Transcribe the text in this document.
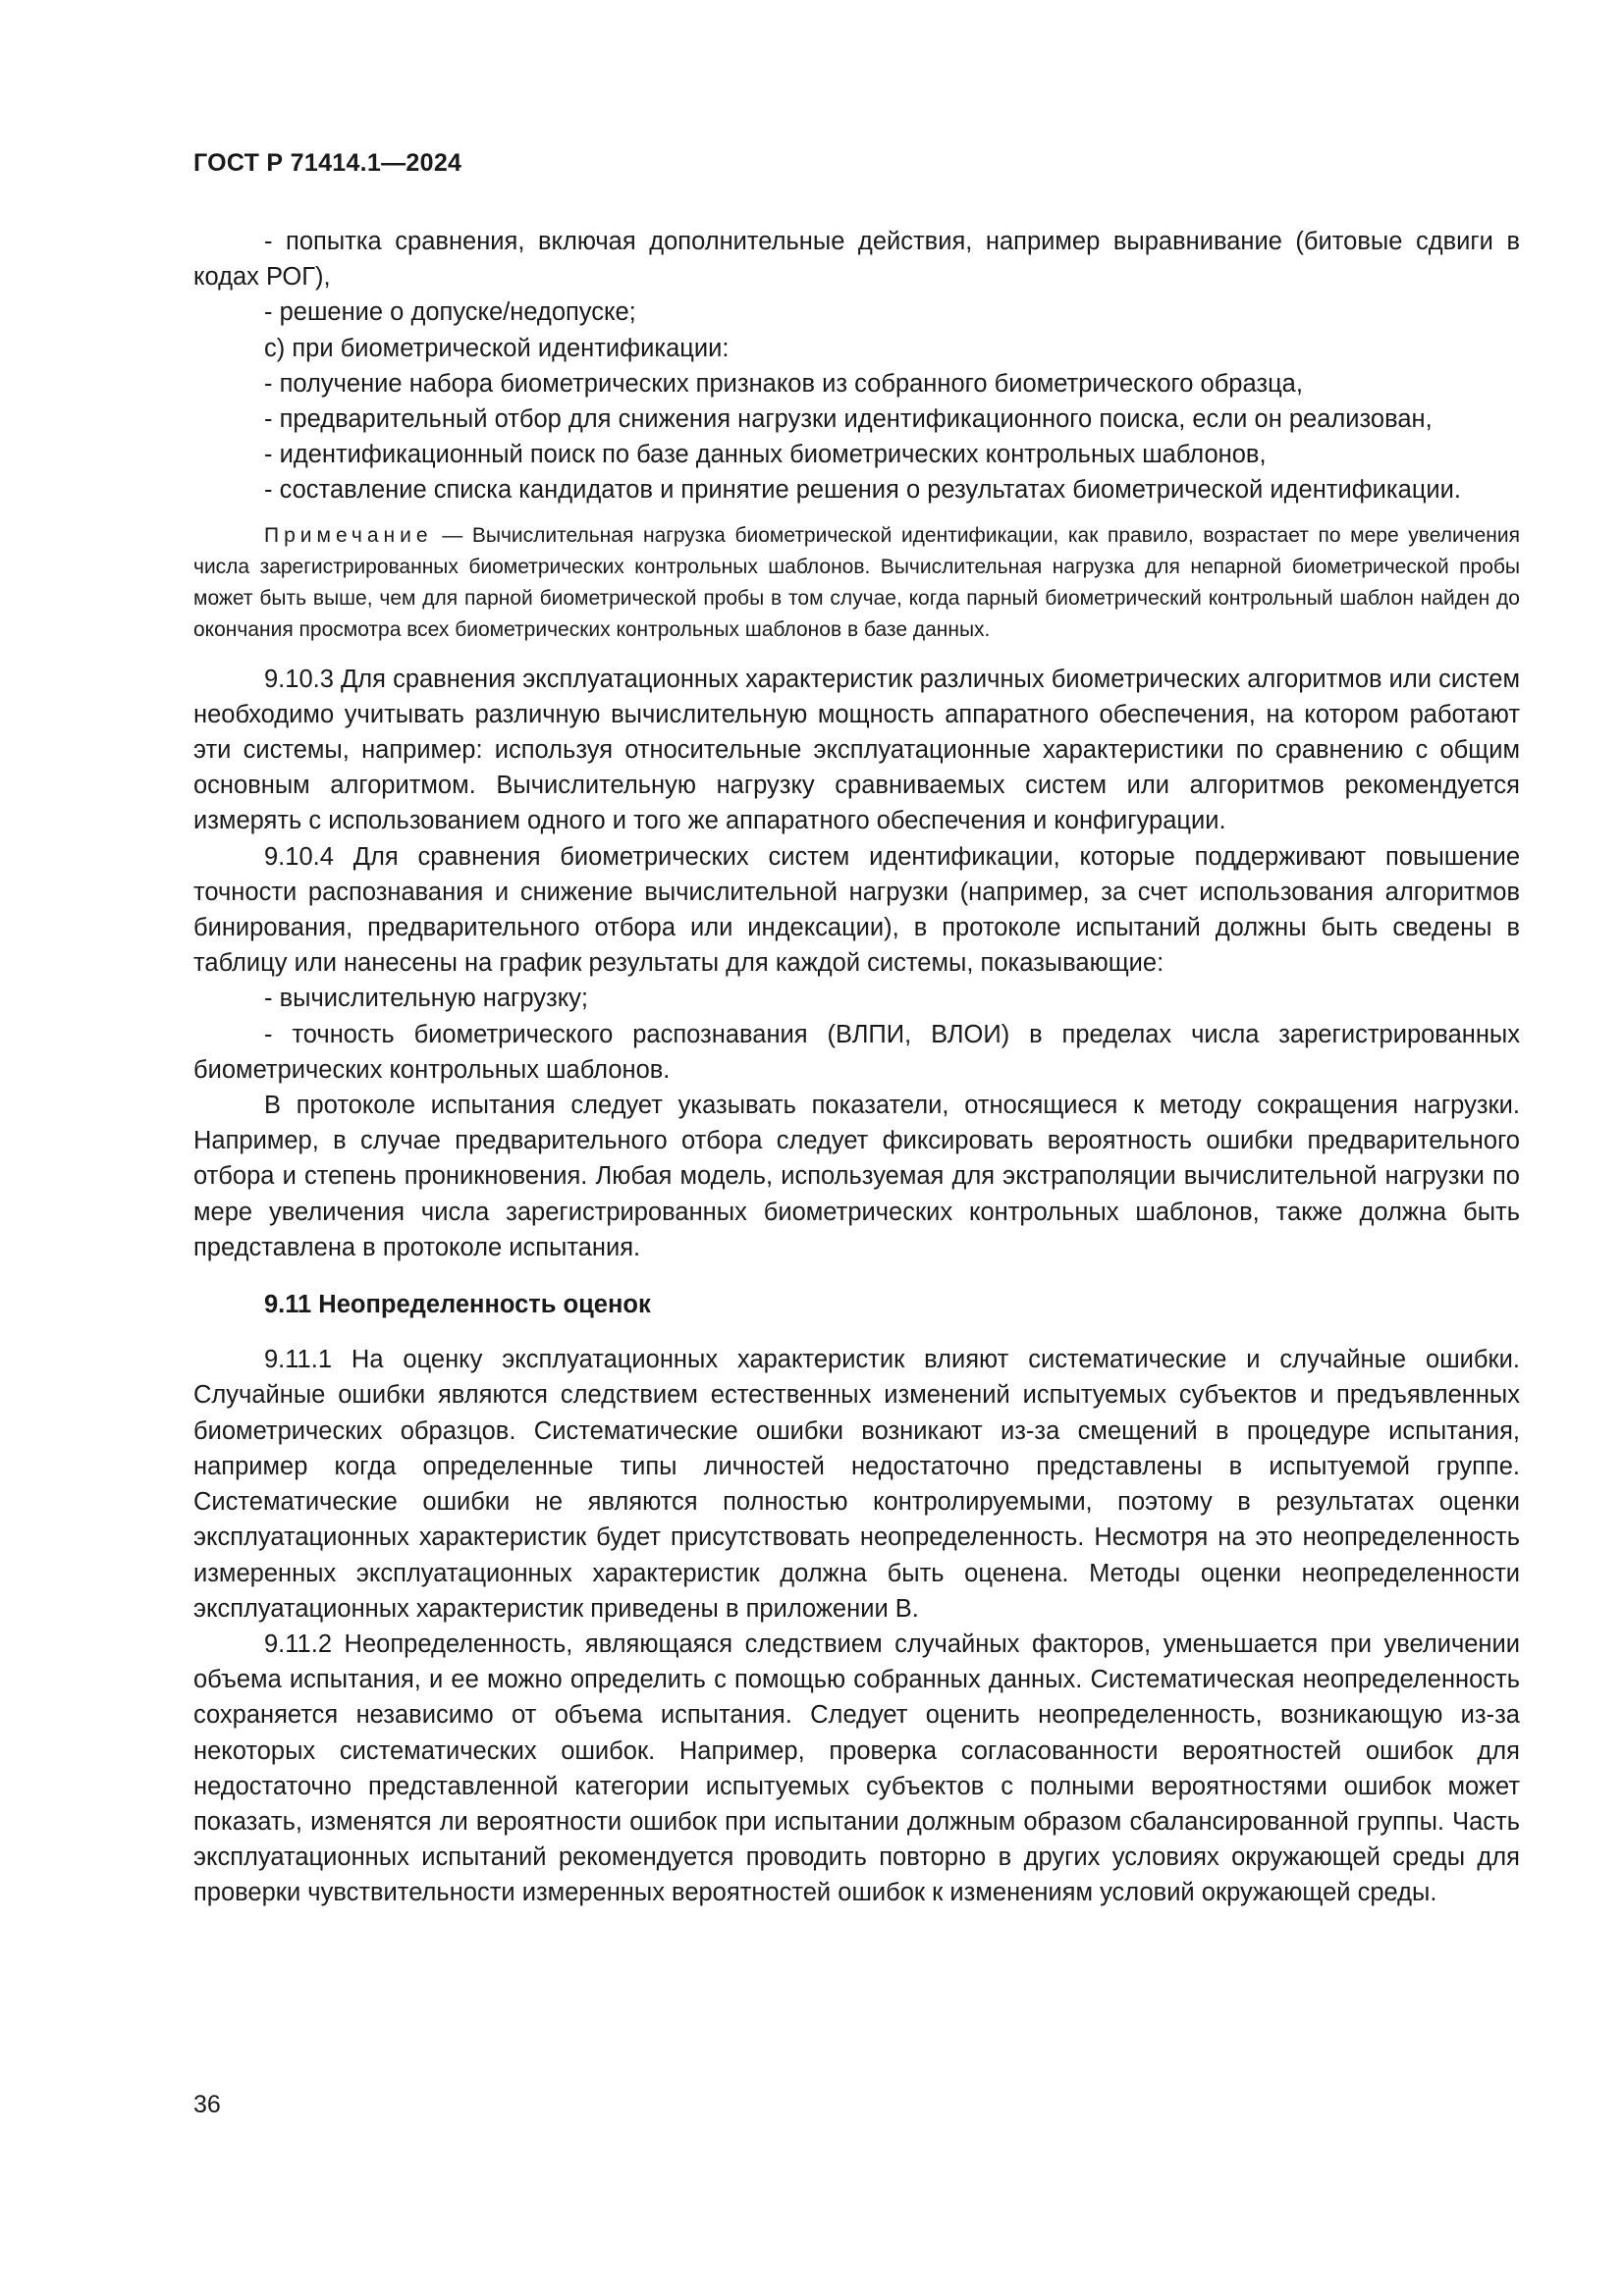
ГОСТ Р 71414.1—2024

- попытка сравнения, включая дополнительные действия, например выравнивание (битовые сдвиги в кодах РОГ),

- решение о допуске/недопуске;

с) при биометрической идентификации:

- получение набора биометрических признаков из собранного биометрического образца,

- предварительный отбор для снижения нагрузки идентификационного поиска, если он реализован,

- идентификационный поиск по базе данных биометрических контрольных шаблонов,

- составление списка кандидатов и принятие решения о результатах биометрической идентификации.

Примечание — Вычислительная нагрузка биометрической идентификации, как правило, возрастает по мере увеличения числа зарегистрированных биометрических контрольных шаблонов. Вычислительная нагрузка для непарной биометрической пробы может быть выше, чем для парной биометрической пробы в том случае, когда парный биометрический контрольный шаблон найден до окончания просмотра всех биометрических контрольных шаблонов в базе данных.

9.10.3 Для сравнения эксплуатационных характеристик различных биометрических алгоритмов или систем необходимо учитывать различную вычислительную мощность аппаратного обеспечения, на котором работают эти системы, например: используя относительные эксплуатационные характеристики по сравнению с общим основным алгоритмом. Вычислительную нагрузку сравниваемых систем или алгоритмов рекомендуется измерять с использованием одного и того же аппаратного обеспечения и конфигурации.

9.10.4 Для сравнения биометрических систем идентификации, которые поддерживают повышение точности распознавания и снижение вычислительной нагрузки (например, за счет использования алгоритмов бинирования, предварительного отбора или индексации), в протоколе испытаний должны быть сведены в таблицу или нанесены на график результаты для каждой системы, показывающие:

- вычислительную нагрузку;

- точность биометрического распознавания (ВЛПИ, ВЛОИ) в пределах числа зарегистрированных биометрических контрольных шаблонов.

В протоколе испытания следует указывать показатели, относящиеся к методу сокращения нагрузки. Например, в случае предварительного отбора следует фиксировать вероятность ошибки предварительного отбора и степень проникновения. Любая модель, используемая для экстраполяции вычислительной нагрузки по мере увеличения числа зарегистрированных биометрических контрольных шаблонов, также должна быть представлена в протоколе испытания.

9.11 Неопределенность оценок

9.11.1 На оценку эксплуатационных характеристик влияют систематические и случайные ошибки. Случайные ошибки являются следствием естественных изменений испытуемых субъектов и предъявленных биометрических образцов. Систематические ошибки возникают из-за смещений в процедуре испытания, например когда определенные типы личностей недостаточно представлены в испытуемой группе. Систематические ошибки не являются полностью контролируемыми, поэтому в результатах оценки эксплуатационных характеристик будет присутствовать неопределенность. Несмотря на это неопределенность измеренных эксплуатационных характеристик должна быть оценена. Методы оценки неопределенности эксплуатационных характеристик приведены в приложении В.

9.11.2 Неопределенность, являющаяся следствием случайных факторов, уменьшается при увеличении объема испытания, и ее можно определить с помощью собранных данных. Систематическая неопределенность сохраняется независимо от объема испытания. Следует оценить неопределенность, возникающую из-за некоторых систематических ошибок. Например, проверка согласованности вероятностей ошибок для недостаточно представленной категории испытуемых субъектов с полными вероятностями ошибок может показать, изменятся ли вероятности ошибок при испытании должным образом сбалансированной группы. Часть эксплуатационных испытаний рекомендуется проводить повторно в других условиях окружающей среды для проверки чувствительности измеренных вероятностей ошибок к изменениям условий окружающей среды.

36
